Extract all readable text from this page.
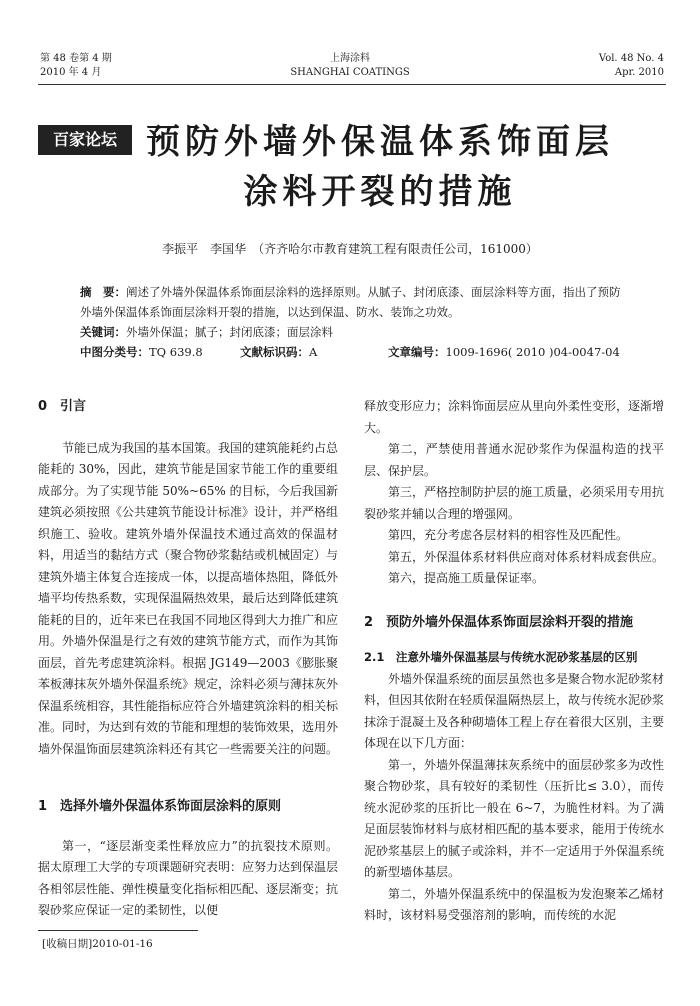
第 48 卷第 4 期
2010 年 4 月
上海涂料
SHANGHAI COATINGS
Vol. 48 No. 4
Apr. 2010
百家论坛 预防外墙外保温体系饰面层
涂料开裂的措施
李振平　李国华　（齐齐哈尔市教育建筑工程有限责任公司，161000）
摘　要：阐述了外墙外保温体系饰面层涂料的选择原则。从腻子、封闭底漆、面层涂料等方面，指出了预防外墙外保温体系饰面层涂料开裂的措施，以达到保温、防水、装饰之功效。
关键词：外墙外保温；腻子；封闭底漆；面层涂料
中图分类号：TQ 639.8	文献标识码：A	文章编号：1009-1696( 2010 )04-0047-04
0　引言

节能已成为我国的基本国策。我国的建筑能耗约占总能耗的 30%，因此，建筑节能是国家节能工作的重要组成部分。为了实现节能 50%~65% 的目标，今后我国新建筑必须按照《公共建筑节能设计标准》设计，并严格组织施工、验收。建筑外墙外保温技术通过高效的保温材料，用适当的黏结方式（聚合物砂浆黏结或机械固定）与建筑外墙主体复合连接成一体，以提高墙体热阻，降低外墙平均传热系数，实现保温隔热效果，最后达到降低建筑能耗的目的，近年来已在我国不同地区得到大力推广和应用。外墙外保温是行之有效的建筑节能方式，而作为其饰面层，首先考虑建筑涂料。根据 JG149—2003《膨胀聚苯板薄抹灰外墙外保温系统》规定，涂料必须与薄抹灰外保温系统相容，其性能指标应符合外墙建筑涂料的相关标准。同时，为达到有效的节能和理想的装饰效果，选用外墙外保温饰面层建筑涂料还有其它一些需要关注的问题。

1　选择外墙外保温体系饰面层涂料的原则

第一，“逐层渐变柔性释放应力”的抗裂技术原则。据太原理工大学的专项课题研究表明：应努力达到保温层各相邻层性能、弹性模量变化指标相匹配、逐层渐变；抗裂砂浆应保证一定的柔韧性，以便

释放变形应力；涂料饰面层应从里向外柔性变形，逐渐增大。

第二，严禁使用普通水泥砂浆作为保温构造的找平层、保护层。

第三，严格控制防护层的施工质量，必须采用专用抗裂砂浆并辅以合理的增强网。

第四，充分考虑各层材料的相容性及匹配性。

第五，外保温体系材料供应商对体系材料成套供应。

第六，提高施工质量保证率。

2　预防外墙外保温体系饰面层涂料开裂的措施
2.1　注意外墙外保温基层与传统水泥砂浆基层的区别

外墙外保温系统的面层虽然也多是聚合物水泥砂浆材料，但因其依附在轻质保温隔热层上，故与传统水泥砂浆抹涂于混凝土及各种砌墙体工程上存在着很大区别，主要体现在以下几方面：

第一，外墙外保温薄抹灰系统中的面层砂浆多为改性聚合物砂浆，具有较好的柔韧性（压折比≤ 3.0），而传统水泥砂浆的压折比一般在 6~7，为脆性材料。为了满足面层装饰材料与底材相匹配的基本要求，能用于传统水泥砂浆基层上的腻子或涂料，并不一定适用于外保温系统的新型墙体基层。

第二，外墙外保温系统中的保温板为发泡聚苯乙烯材料时，该材料易受强溶剂的影响，而传统的水泥

[收稿日期]2010-01-16
